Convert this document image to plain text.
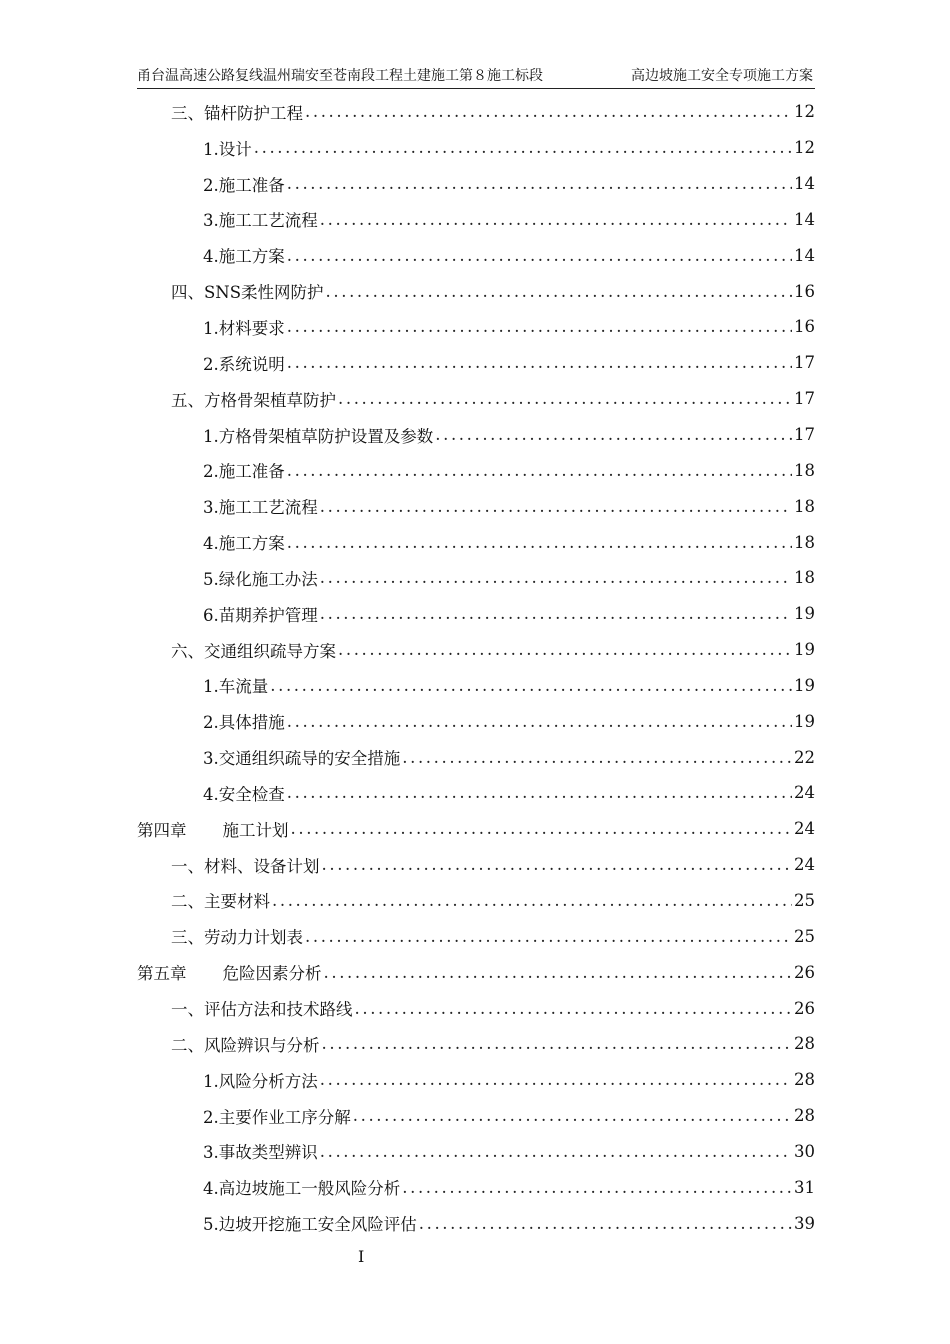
甬台温高速公路复线温州瑞安至苍南段工程土建施工第８施工标段	高边坡施工安全专项施工方案
三、锚杆防护工程 .....	12
1.设计 .....	12
2.施工准备 .....	14
3.施工工艺流程 .....	14
4.施工方案 .....	14
四、SNS柔性网防护 .....	16
1.材料要求 .....	16
2.系统说明 .....	17
五、方格骨架植草防护 .....	17
1.方格骨架植草防护设置及参数 .....	17
2.施工准备 .....	18
3.施工工艺流程 .....	18
4.施工方案 .....	18
5.绿化施工办法 .....	18
6.苗期养护管理 .....	19
六、交通组织疏导方案 .....	19
1.车流量 .....	19
2.具体措施 .....	19
3.交通组织疏导的安全措施 .....	22
4.安全检查 .....	24
第四章 施工计划 .....	24
一、材料、设备计划 .....	24
二、主要材料 .....	25
三、劳动力计划表 .....	25
第五章 危险因素分析 .....	26
一、评估方法和技术路线 .....	26
二、风险辨识与分析 .....	28
1.风险分析方法 .....	28
2.主要作业工序分解 .....	28
3.事故类型辨识 .....	30
4.高边坡施工一般风险分析 .....	31
5.边坡开挖施工安全风险评估 .....	39
I
